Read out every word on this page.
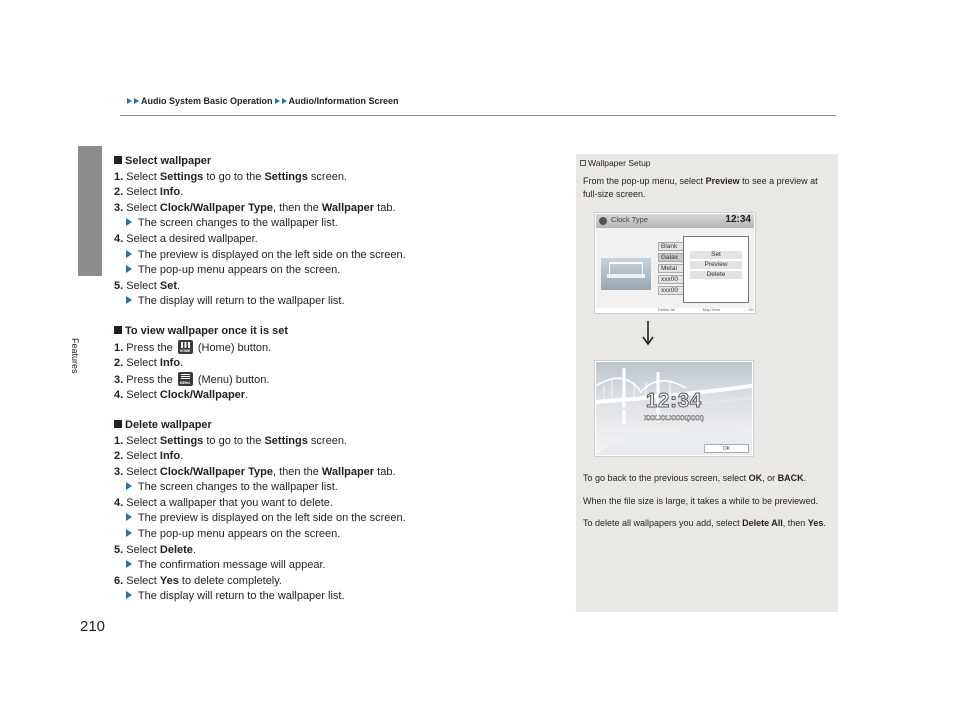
Audio System Basic Operation Audio/Information Screen
Features
210
Select wallpaper
1. Select Settings to go to the Settings screen.
2. Select Info.
3. Select Clock/Wallpaper Type, then the Wallpaper tab.
The screen changes to the wallpaper list.
4. Select a desired wallpaper.
The preview is displayed on the left side on the screen.
The pop-up menu appears on the screen.
5. Select Set.
The display will return to the wallpaper list.
To view wallpaper once it is set
1. Press the HOME (Home) button.
2. Select Info.
3. Press the MENU (Menu) button.
4. Select Clock/Wallpaper.
Delete wallpaper
1. Select Settings to go to the Settings screen.
2. Select Info.
3. Select Clock/Wallpaper Type, then the Wallpaper tab.
The screen changes to the wallpaper list.
4. Select a wallpaper that you want to delete.
The preview is displayed on the left side on the screen.
The pop-up menu appears on the screen.
5. Select Delete.
The confirmation message will appear.
6. Select Yes to delete completely.
The display will return to the wallpaper list.
Wallpaper Setup
From the pop-up menu, select Preview to see a preview at full-size screen.
Clock Type	12:34
Blank
Galax
Metal
xxx00
xxx00
Set
Preview
Delete
Delete All	Map Here	OK
12:34
XXX.XX.XXXX(XXX)
OK
To go back to the previous screen, select OK, or BACK.
When the file size is large, it takes a while to be previewed.
To delete all wallpapers you add, select Delete All, then Yes.
